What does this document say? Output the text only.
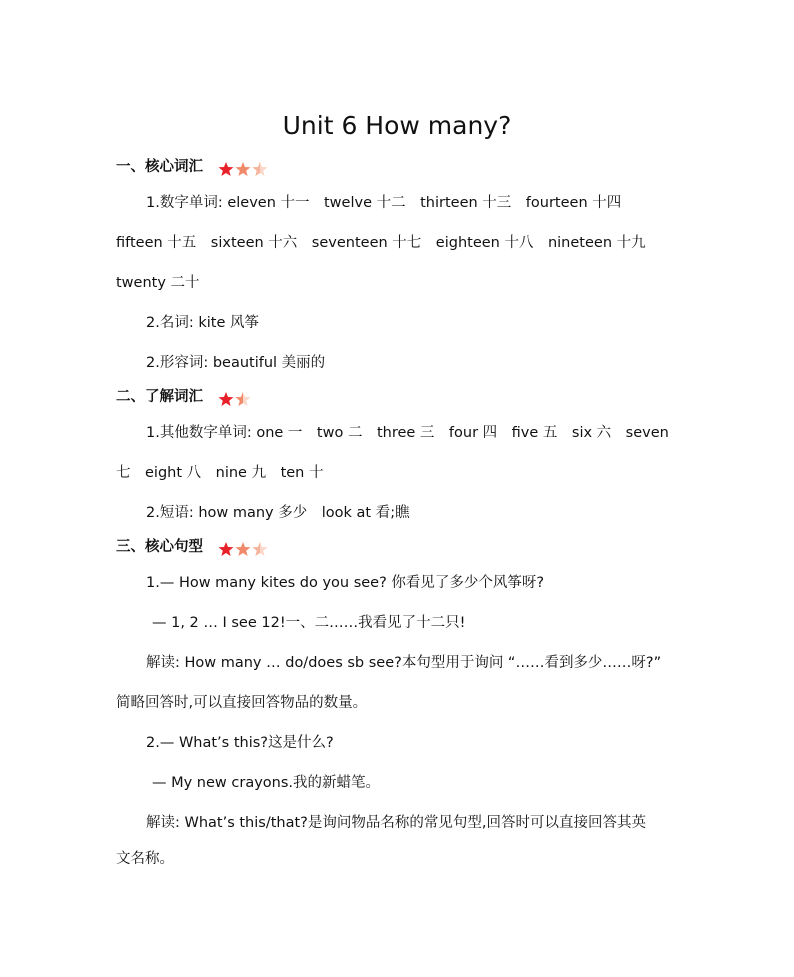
Unit 6 How many?
一、核心词汇
1.数字单词: eleven 十一　twelve 十二　thirteen 十三　fourteen 十四
fifteen 十五　sixteen 十六　seventeen 十七　eighteen 十八　nineteen 十九
twenty 二十
2.名词: kite 风筝
2.形容词: beautiful 美丽的
二、了解词汇
1.其他数字单词: one 一　two 二　three 三　four 四　five 五　six 六　seven
七　eight 八　nine 九　ten 十
2.短语: how many 多少　look at 看;瞧
三、核心句型
1.— How many kites do you see? 你看见了多少个风筝呀?
— 1, 2 … I see 12!一、二……我看见了十二只!
解读: How many … do/does sb see?本句型用于询问 “……看到多少……呀?”
简略回答时,可以直接回答物品的数量。
2.— What’s this?这是什么?
— My new crayons.我的新蜡笔。
解读: What’s this/that?是询问物品名称的常见句型,回答时可以直接回答其英
文名称。
